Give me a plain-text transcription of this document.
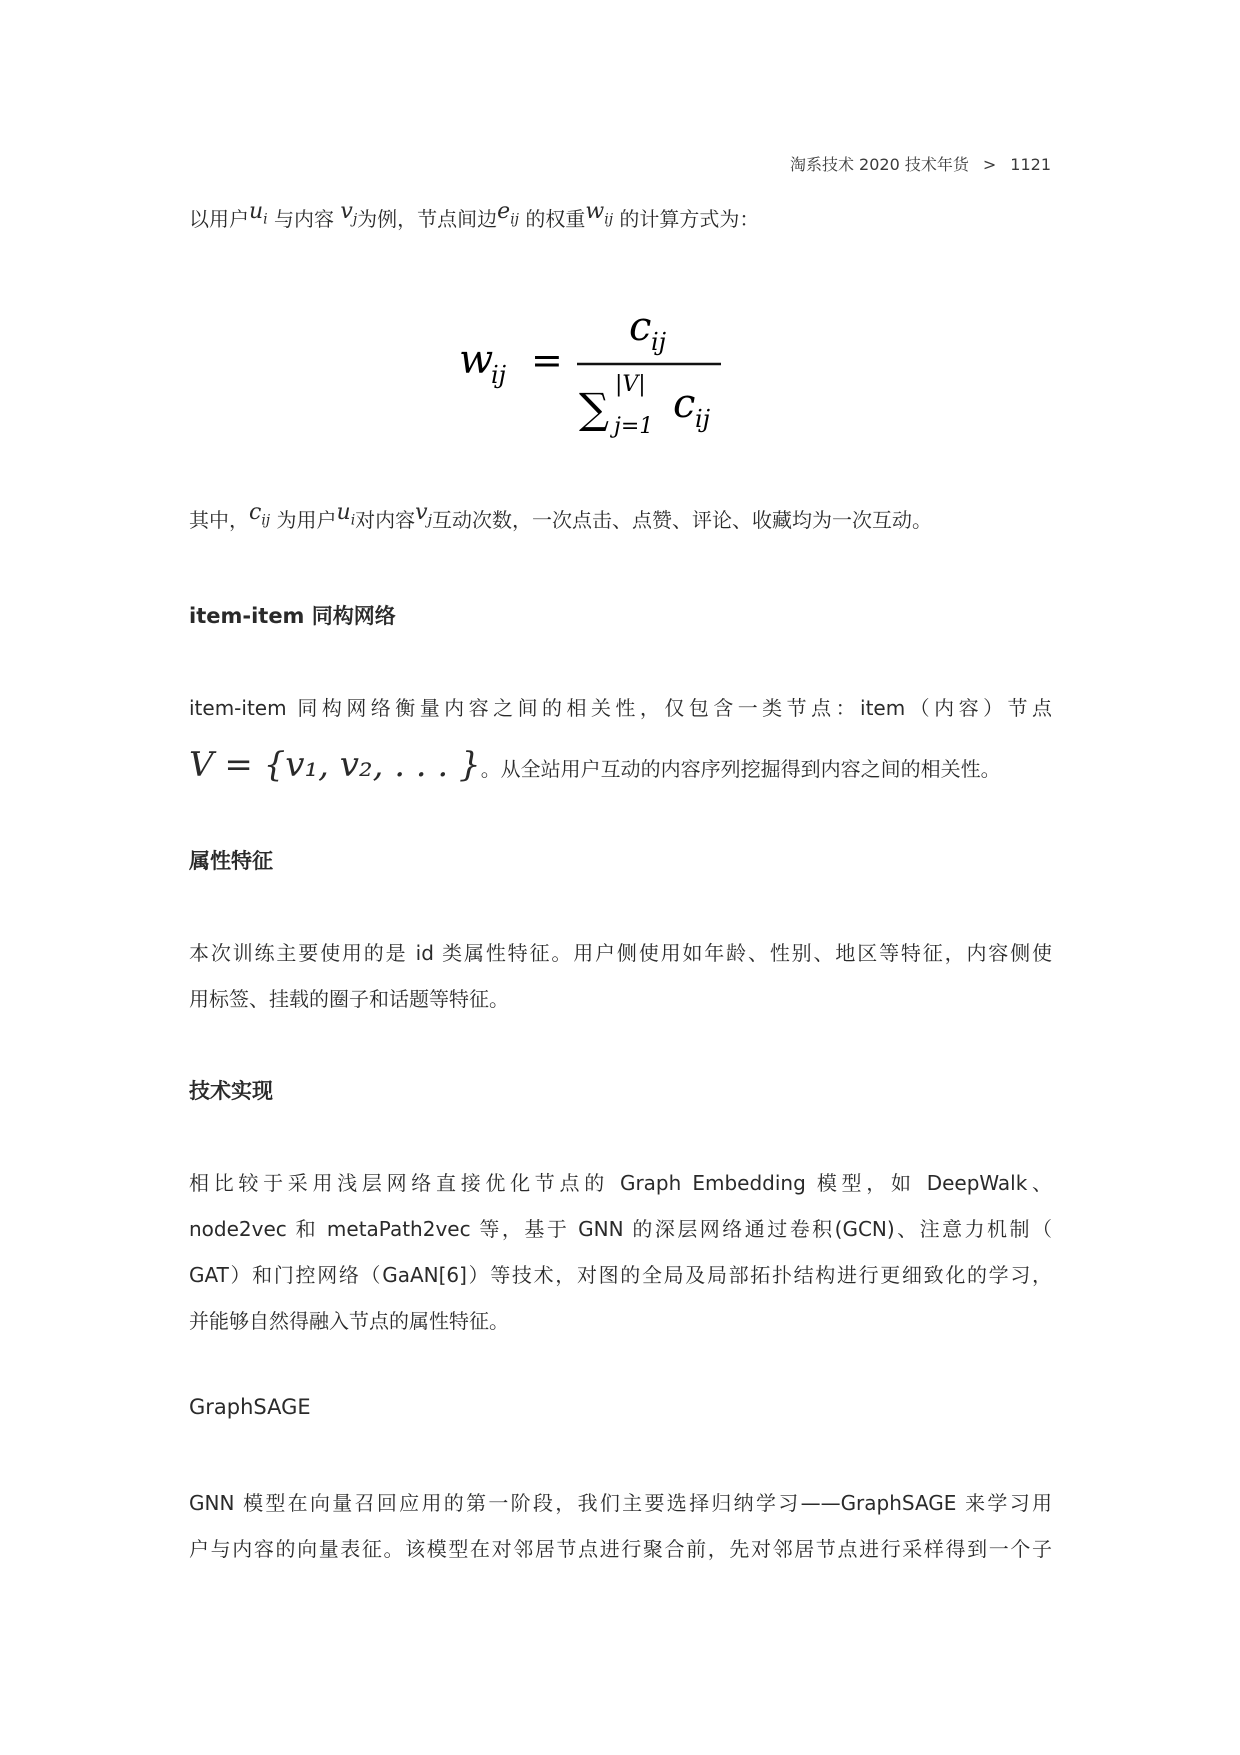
淘系技术 2020 技术年货 > 1121

以用户$u_i$ 与内容 $v_j$为例，节点间边$e_{ij}$ 的权重$w_{ij}$ 的计算方式为：

w
ij =
c ij
∑ |V|
j=1 c ij

其中，$c_{ij}$ 为用户$u_i$对内容$v_j$互动次数，一次点击、点赞、评论、收藏均为一次互动。

item-item 同构网络

item-item 同构网络衡量内容之间的相关性，仅包含一类节点：item（内容）节点

V = {v₁, v₂, . . . }。从全站用户互动的内容序列挖掘得到内容之间的相关性。

属性特征

本次训练主要使用的是 id 类属性特征。用户侧使用如年龄、性别、地区等特征，内容侧使

用标签、挂载的圈子和话题等特征。

技术实现

相比较于采用浅层网络直接优化节点的 Graph Embedding 模型，如 DeepWalk、

node2vec 和 metaPath2vec 等，基于 GNN 的深层网络通过卷积(GCN)、注意力机制（

GAT）和门控网络（GaAN[6]）等技术，对图的全局及局部拓扑结构进行更细致化的学习，

并能够自然得融入节点的属性特征。

GraphSAGE

GNN 模型在向量召回应用的第一阶段，我们主要选择归纳学习——GraphSAGE 来学习用

户与内容的向量表征。该模型在对邻居节点进行聚合前，先对邻居节点进行采样得到一个子
